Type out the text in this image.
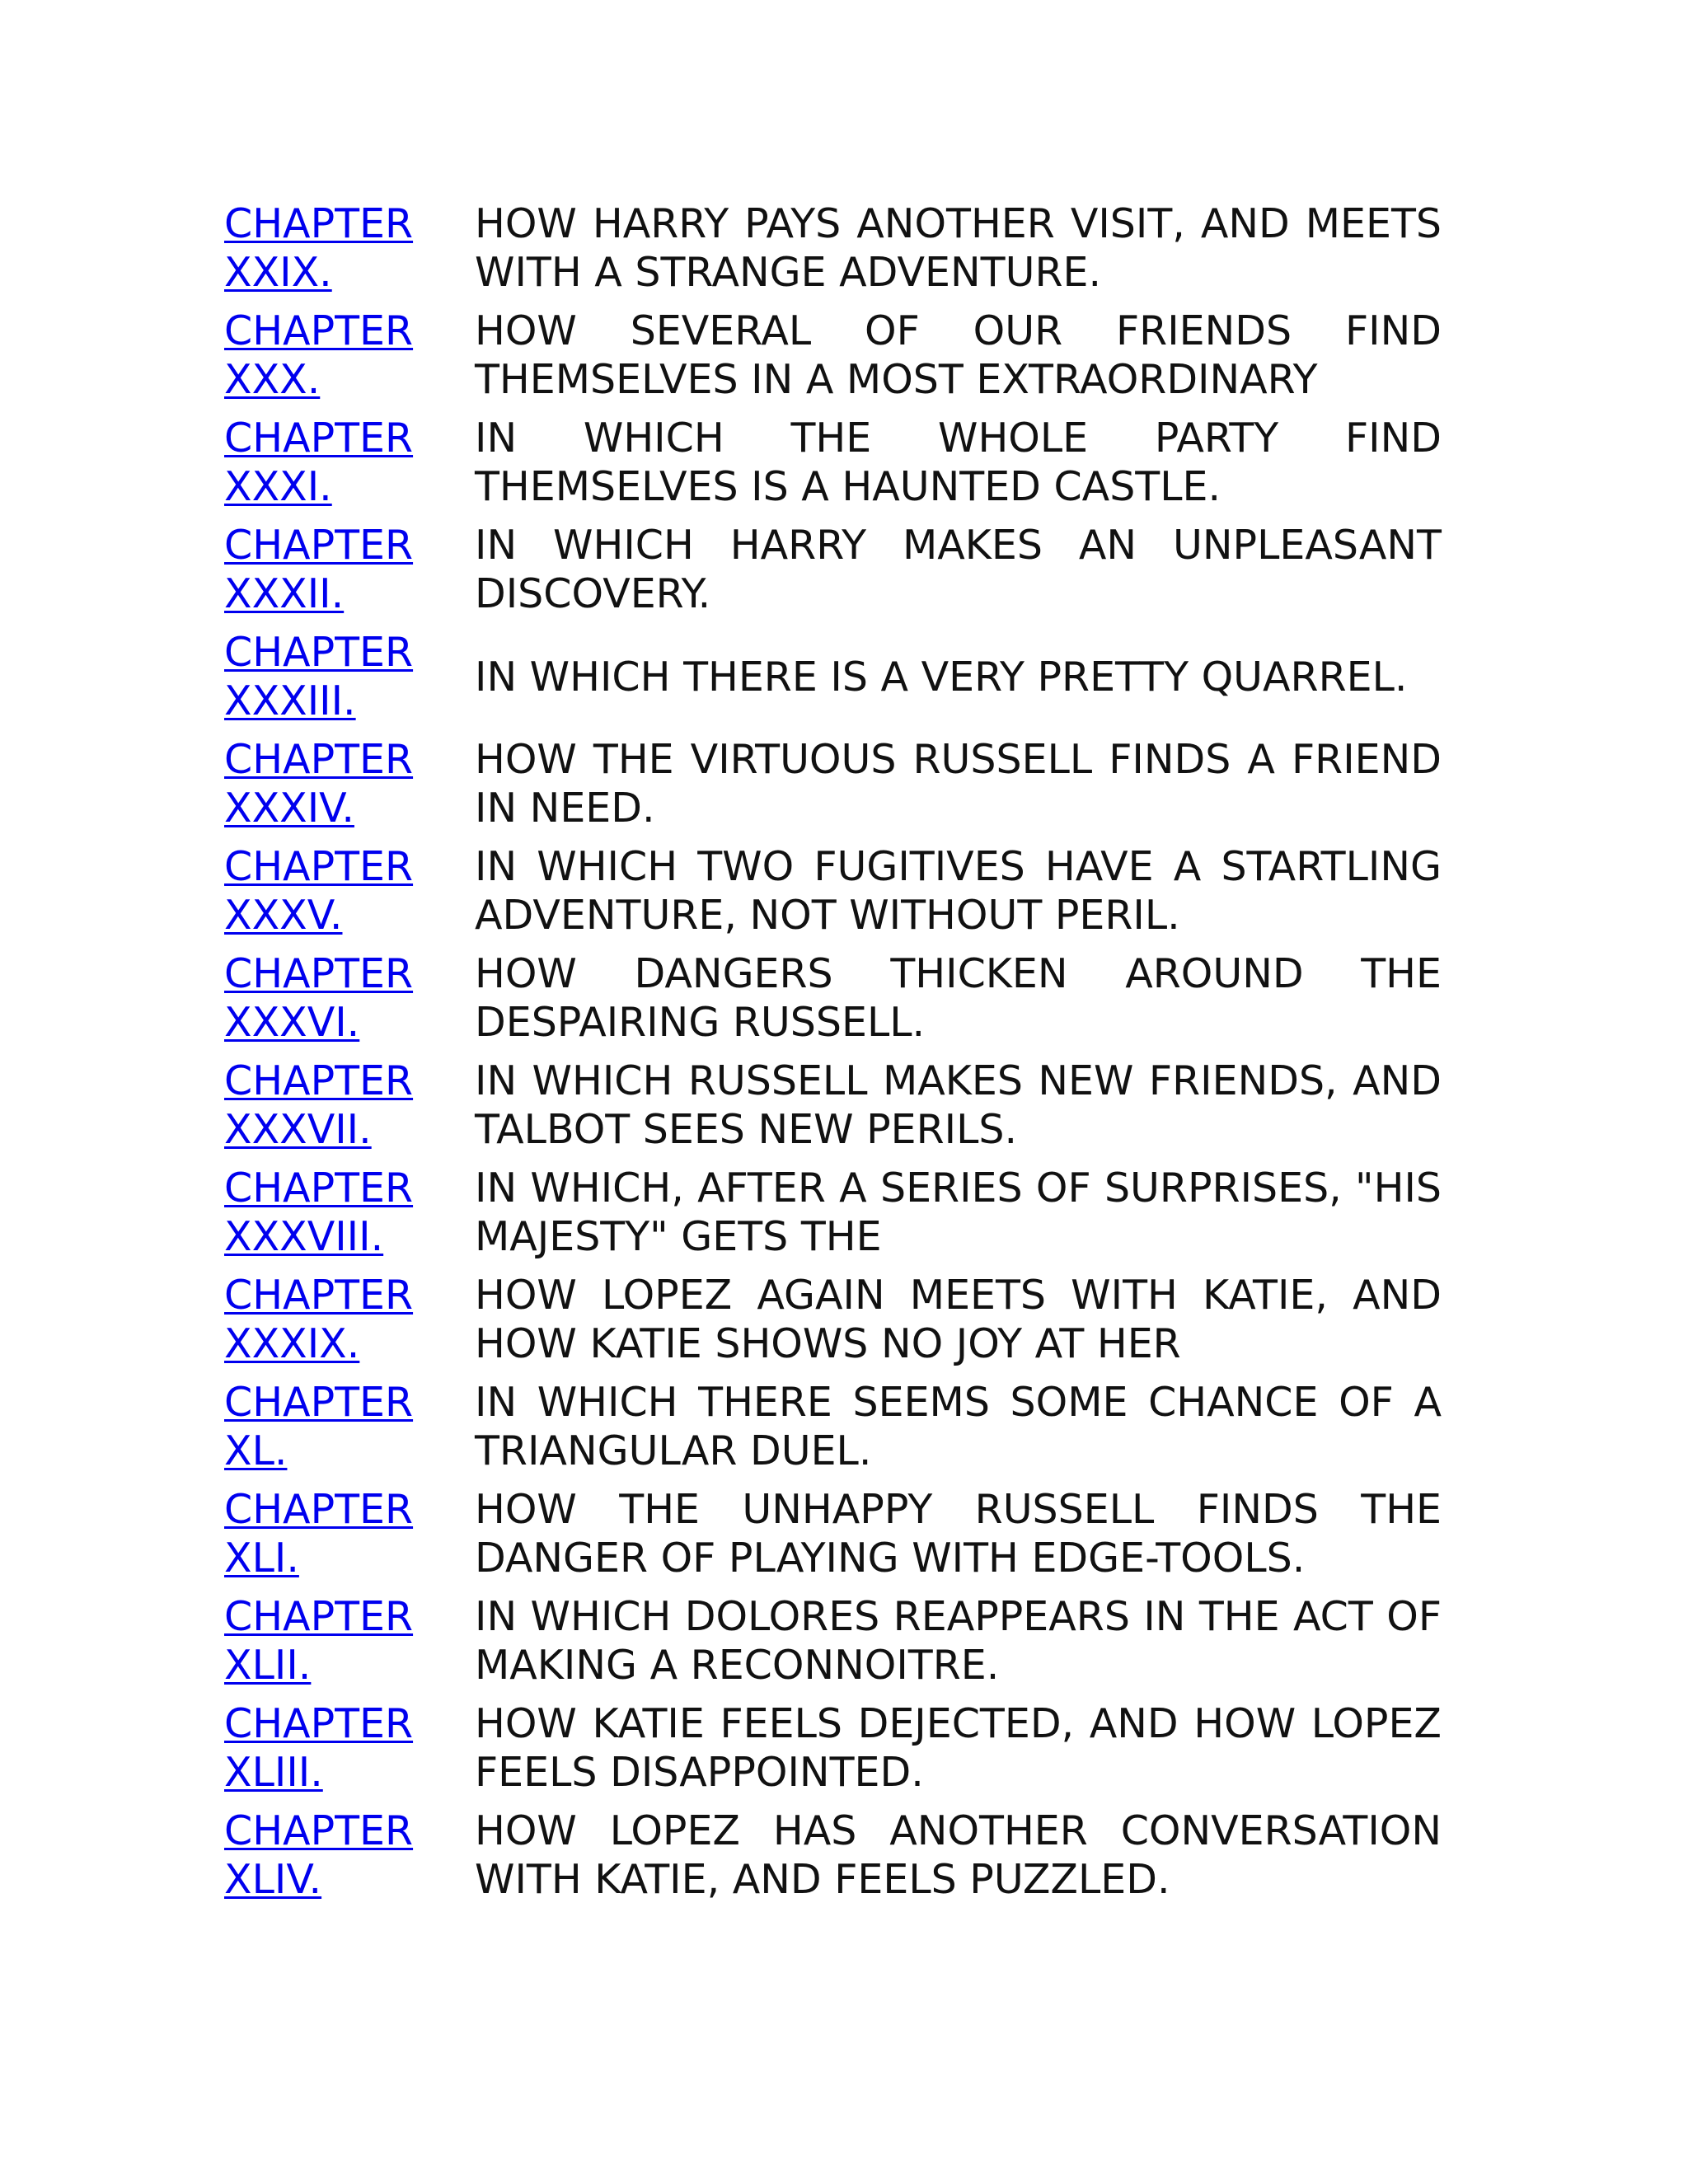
CHAPTER XXIX.	HOW HARRY PAYS ANOTHER VISIT, AND MEETS WITH A STRANGE ADVENTURE.
CHAPTER XXX.	HOW SEVERAL OF OUR FRIENDS FIND THEMSELVES IN A MOST EXTRAORDINARY
CHAPTER XXXI.	IN WHICH THE WHOLE PARTY FIND THEMSELVES IS A HAUNTED CASTLE.
CHAPTER XXXII.	IN WHICH HARRY MAKES AN UNPLEASANT DISCOVERY.
CHAPTER XXXIII.	IN WHICH THERE IS A VERY PRETTY QUARREL.
CHAPTER XXXIV.	HOW THE VIRTUOUS RUSSELL FINDS A FRIEND IN NEED.
CHAPTER XXXV.	IN WHICH TWO FUGITIVES HAVE A STARTLING ADVENTURE, NOT WITHOUT PERIL.
CHAPTER XXXVI.	HOW DANGERS THICKEN AROUND THE DESPAIRING RUSSELL.
CHAPTER XXXVII.	IN WHICH RUSSELL MAKES NEW FRIENDS, AND TALBOT SEES NEW PERILS.
CHAPTER XXXVIII.	IN WHICH, AFTER A SERIES OF SURPRISES, "HIS MAJESTY" GETS THE
CHAPTER XXXIX.	HOW LOPEZ AGAIN MEETS WITH KATIE, AND HOW KATIE SHOWS NO JOY AT HER
CHAPTER XL.	IN WHICH THERE SEEMS SOME CHANCE OF A TRIANGULAR DUEL.
CHAPTER XLI.	HOW THE UNHAPPY RUSSELL FINDS THE DANGER OF PLAYING WITH EDGE-TOOLS.
CHAPTER XLII.	IN WHICH DOLORES REAPPEARS IN THE ACT OF MAKING A RECONNOITRE.
CHAPTER XLIII.	HOW KATIE FEELS DEJECTED, AND HOW LOPEZ FEELS DISAPPOINTED.
CHAPTER XLIV.	HOW LOPEZ HAS ANOTHER CONVERSATION WITH KATIE, AND FEELS PUZZLED.
